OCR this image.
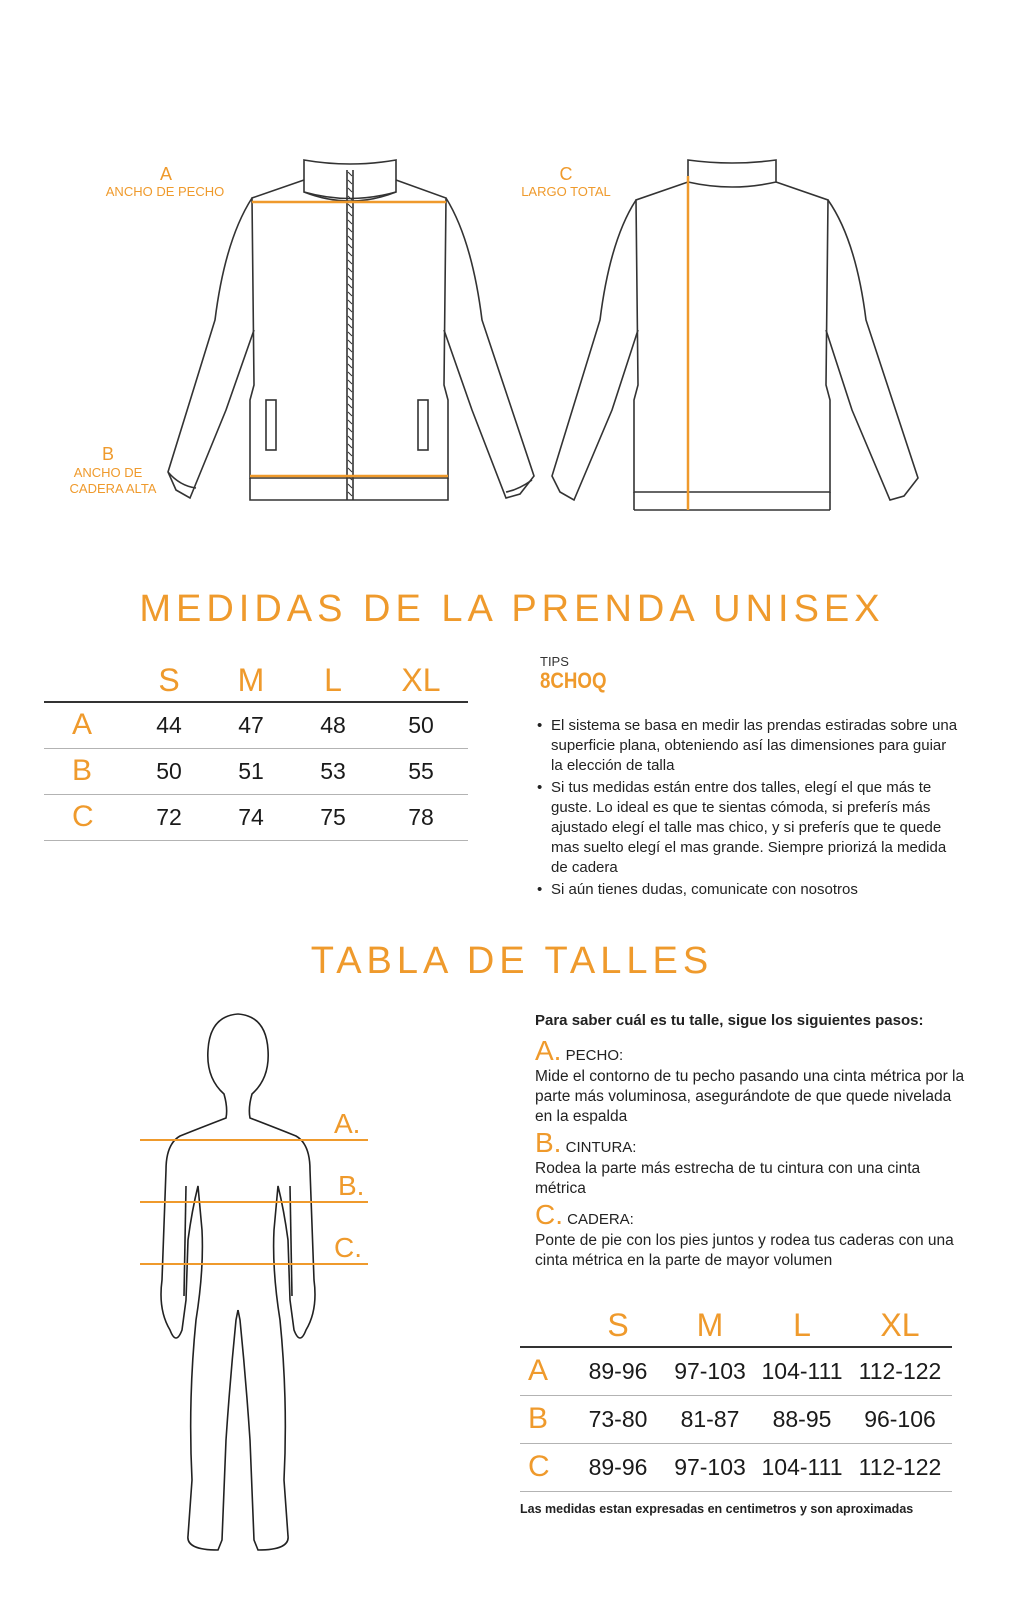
A
ANCHO DE PECHO
B
ANCHO DE
CADERA ALTA
C
LARGO TOTAL
MEDIDAS DE LA PRENDA UNISEX
	S	M	L	XL
A	44	47	48	50
B	50	51	53	55
C	72	74	75	78
TIPS
8CHOQ
• El sistema se basa en medir las prendas estiradas sobre una superficie plana, obteniendo así las dimensiones para guiar la elección de talla
• Si tus medidas están entre dos talles, elegí el que más te guste. Lo ideal es que te sientas cómoda, si preferís más ajustado elegí el talle mas chico, y si preferís que te quede mas suelto elegí el mas grande. Siempre priorizá la medida de cadera
• Si aún tienes dudas, comunicate con nosotros
TABLA DE TALLES
A.
B.
C.

Para saber cuál es tu talle, sigue los siguientes pasos:

A. PECHO:

Mide el contorno de tu pecho pasando una cinta métrica por la parte más voluminosa, asegurándote de que quede nivelada en la espalda

B. CINTURA:

Rodea la parte más estrecha de tu cintura con una cinta métrica

C. CADERA:

Ponte de pie con los pies juntos y rodea tus caderas con una cinta métrica en la parte de mayor volumen

	S	M	L	XL
A	89-96	97-103	104-111	112-122
B	73-80	81-87	88-95	96-106
C	89-96	97-103	104-111	112-122
Las medidas estan expresadas en centimetros y son aproximadas
